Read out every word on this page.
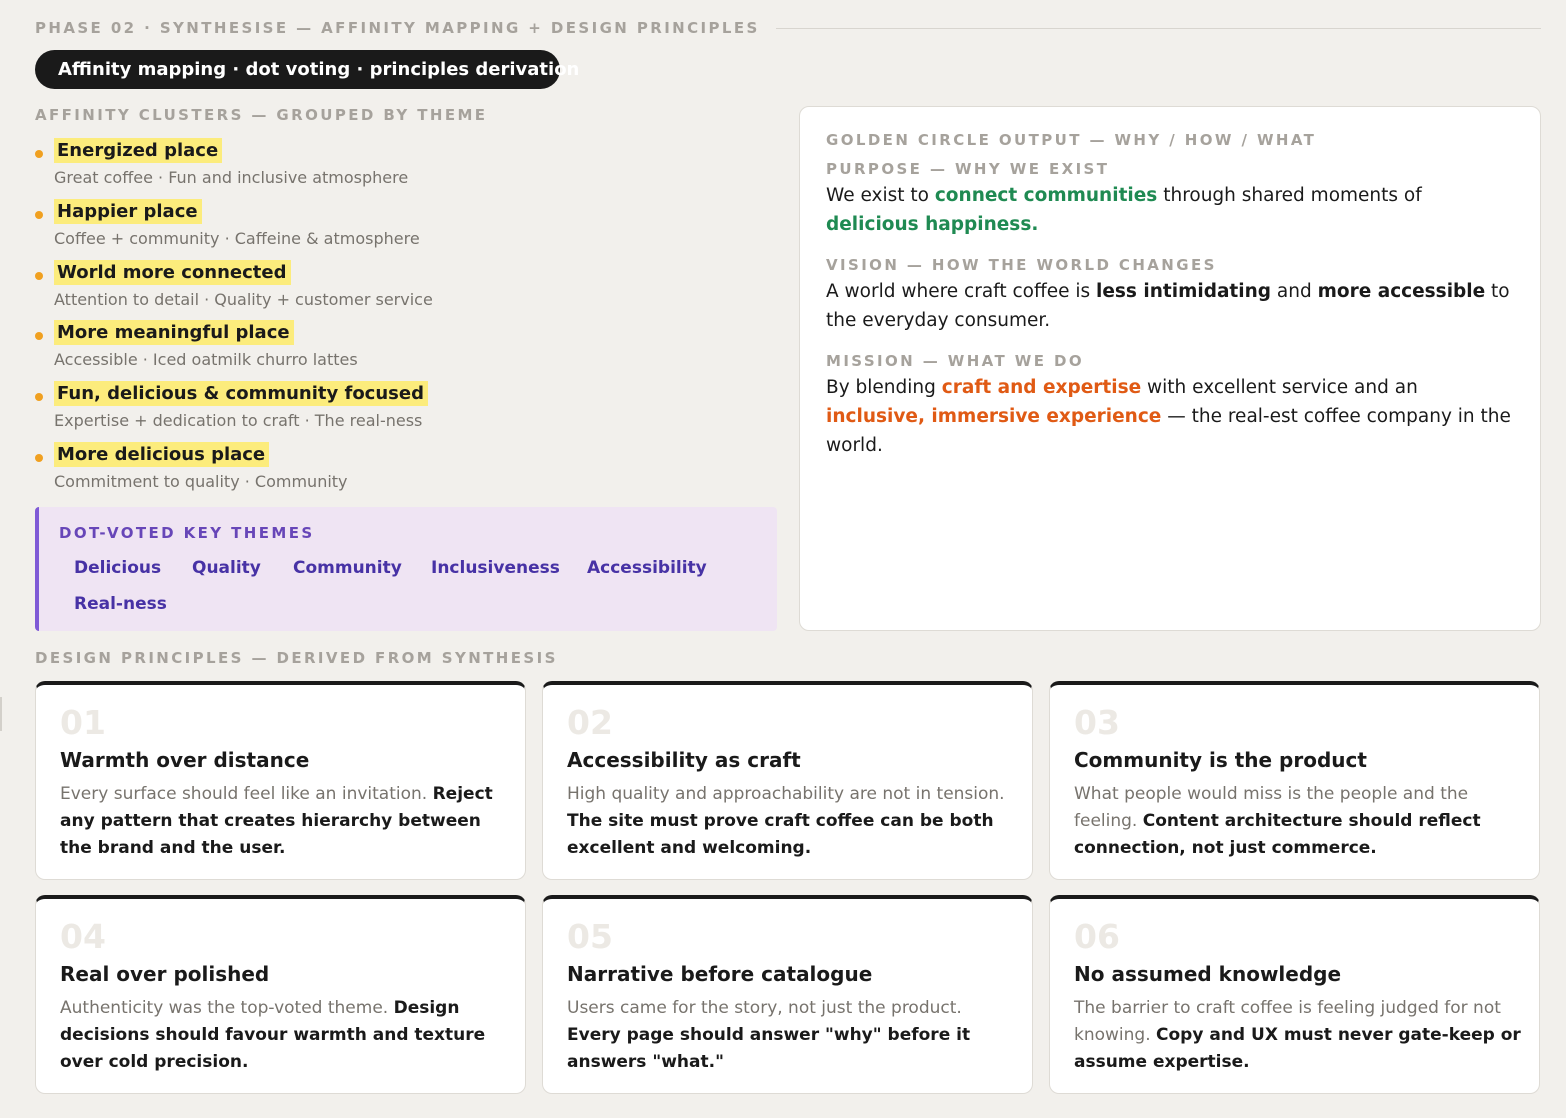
PHASE 02 · SYNTHESISE — AFFINITY MAPPING + DESIGN PRINCIPLES
Affinity mapping · dot voting · principles derivation
AFFINITY CLUSTERS — GROUPED BY THEME
Energized place
Great coffee · Fun and inclusive atmosphere
Happier place
Coffee + community · Caffeine & atmosphere
World more connected
Attention to detail · Quality + customer service
More meaningful place
Accessible · Iced oatmilk churro lattes
Fun, delicious & community focused
Expertise + dedication to craft · The real-ness
More delicious place
Commitment to quality · Community
DOT-VOTED KEY THEMES
Delicious Quality Community Inclusiveness Accessibility
Real-ness
GOLDEN CIRCLE OUTPUT — WHY / HOW / WHAT
PURPOSE — WHY WE EXIST

We exist to connect communities through shared moments of delicious happiness.

VISION — HOW THE WORLD CHANGES

A world where craft coffee is less intimidating and more accessible to the everyday consumer.

MISSION — WHAT WE DO

By blending craft and expertise with excellent service and an inclusive, immersive experience — the real-est coffee company in the world.

DESIGN PRINCIPLES — DERIVED FROM SYNTHESIS
01
Warmth over distance

Every surface should feel like an invitation. Reject any pattern that creates hierarchy between the brand and the user.

02
Accessibility as craft

High quality and approachability are not in tension. The site must prove craft coffee can be both excellent and welcoming.

03
Community is the product

What people would miss is the people and the feeling. Content architecture should reflect connection, not just commerce.

04
Real over polished

Authenticity was the top-voted theme. Design decisions should favour warmth and texture over cold precision.

05
Narrative before catalogue

Users came for the story, not just the product. Every page should answer "why" before it answers "what."

06
No assumed knowledge

The barrier to craft coffee is feeling judged for not knowing. Copy and UX must never gate-keep or assume expertise.
